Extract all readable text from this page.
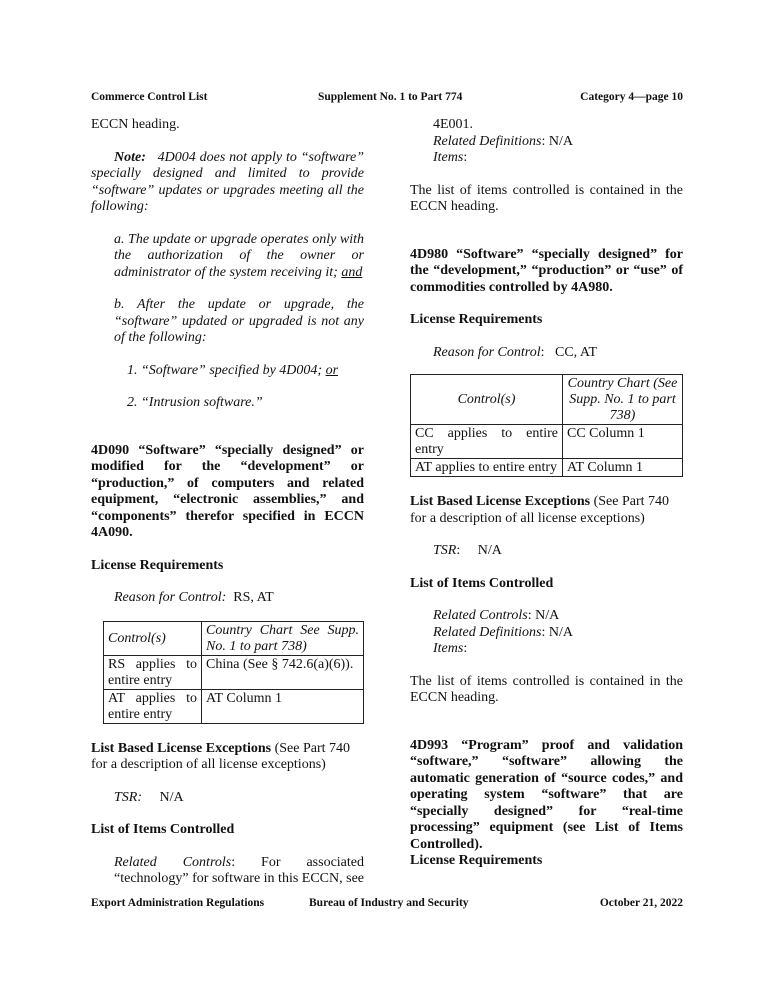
Commerce Control List	Supplement No. 1 to Part 774	Category 4—page 10

ECCN heading.

Note: 4D004 does not apply to “software” specially designed and limited to provide “software” updates or upgrades meeting all the following:

a. The update or upgrade operates only with the authorization of the owner or administrator of the system receiving it; and

b. After the update or upgrade, the “software” updated or upgraded is not any of the following:

1. “Software” specified by 4D004; or

2. “Intrusion software.”

4D090 “Software” “specially designed” or modified for the “development” or “production,” of computers and related equipment, “electronic assemblies,” and “components” therefor specified in ECCN 4A090.

License Requirements

Reason for Control: RS, AT

Control(s)	Country Chart See Supp. No. 1 to part 738)
RS applies to entire entry	China (See § 742.6(a)(6)).
AT applies to entire entry	AT Column 1

List Based License Exceptions (See Part 740 for a description of all license exceptions)

TSR: N/A

List of Items Controlled

Related Controls: For associated “technology” for software in this ECCN, see

4E001.

Related Definitions: N/A

Items:

The list of items controlled is contained in the ECCN heading.

4D980 “Software” “specially designed” for the “development,” “production” or “use” of commodities controlled by 4A980.

License Requirements

Reason for Control: CC, AT

Control(s)	Country Chart (See Supp. No. 1 to part 738)
CC applies to entire entry	CC Column 1
AT applies to entire entry	AT Column 1

List Based License Exceptions (See Part 740 for a description of all license exceptions)

TSR: N/A

List of Items Controlled

Related Controls: N/A

Related Definitions: N/A

Items:

The list of items controlled is contained in the ECCN heading.

4D993 “Program” proof and validation “software,” “software” allowing the automatic generation of “source codes,” and operating system “software” that are “specially designed” for “real-time processing” equipment (see List of Items Controlled).

License Requirements

Export Administration Regulations	Bureau of Industry and Security	October 21, 2022
